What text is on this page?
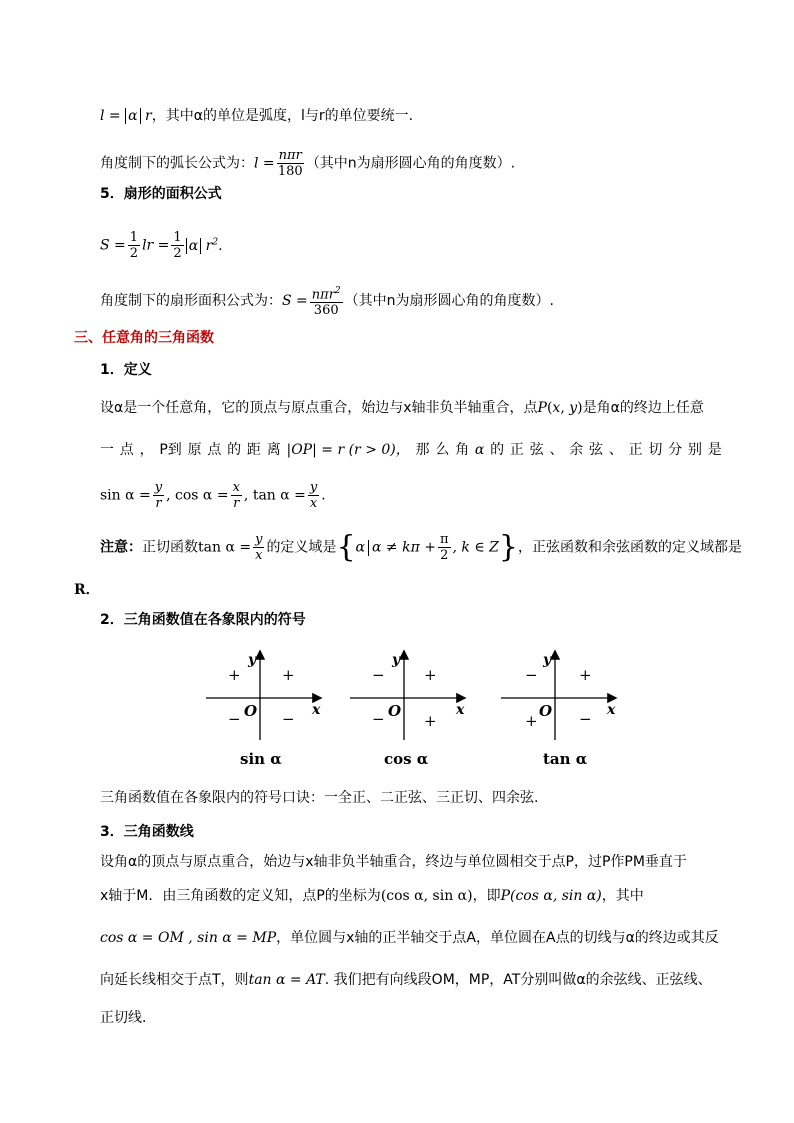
l = α r，其中α的单位是弧度，l与r的单位要统一.
角度制下的弧长公式为：$l = \frac{\text{nπr}}{180}$ （其中n为扇形圆心角的角度数）.
5．扇形的面积公式
$S = \frac{1}{2}$ lr = $\frac{1}{2}$ α $r^2$.
角度制下的扇形面积公式为：$S = \frac{n\pi r^2}{360}$ （其中n为扇形圆心角的角度数）.
三、任意角的三角函数
1．定义
设α是一个任意角，它的顶点与原点重合，始边与x轴非负半轴重合，点P(x, y)是角α的终边上任意
一 点 ， P到 原 点 的 距 离 |OP| = r (r > 0)， 那 么 角 α 的 正 弦 、 余 弦 、 正 切 分 别 是
$\sin \alpha = \frac{y}{r}$ , $\cos \alpha = \frac{x}{r}$ , $\tan \alpha = \frac{y}{x}$ .
注意：正切函数$\tan \alpha = \frac{y}{x}$ 的定义域是{α $\alpha \ne k\pi + \frac{\pi}{2}$ , k ∈ Z}，正弦函数和余弦函数的定义域都是
R．
2．三角函数值在各象限内的符号
y
x
O
+	+
−	−
sin α
y
x
O
−	+
−	+
cos α
y
x
O
−	+
+	−
tan α
三角函数值在各象限内的符号口诀：一全正、二正弦、三正切、四余弦.
3．三角函数线
设角α的顶点与原点重合，始边与x轴非负半轴重合，终边与单位圆相交于点P，过P作PM垂直于
x轴于M．由三角函数的定义知，点P的坐标为(cos α, sin α)，即P(cos α, sin α)，其中
cos α = OM , sin α = MP，单位圆与x轴的正半轴交于点A，单位圆在A点的切线与α的终边或其反
向延长线相交于点T，则tan α = AT. 我们把有向线段OM，MP，AT分别叫做α的余弦线、正弦线、
正切线.
